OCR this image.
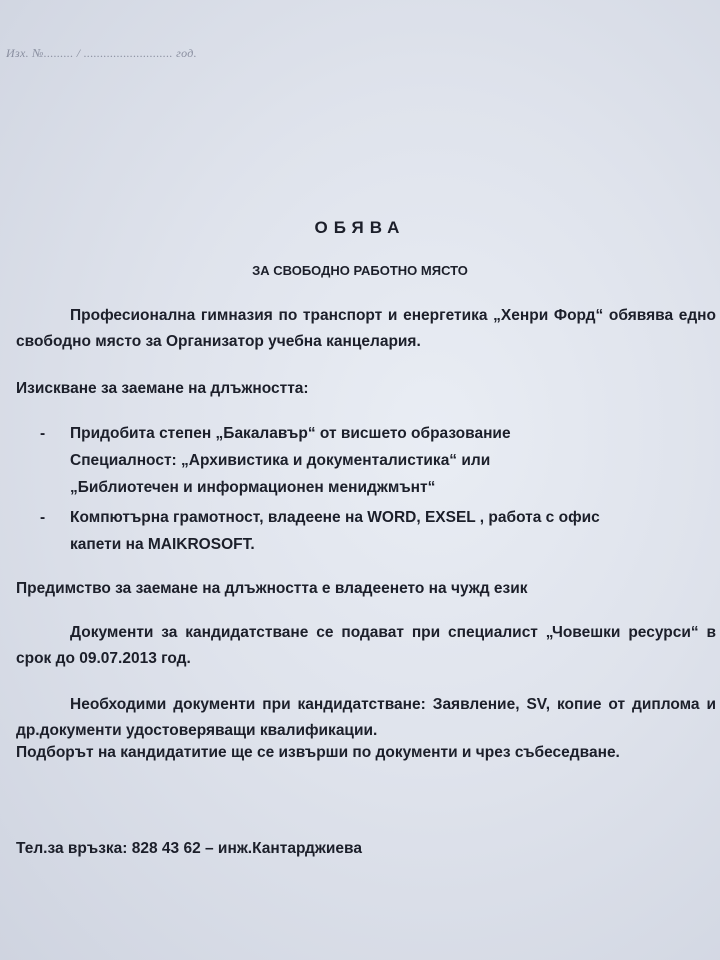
Изх. №......... / ........................... год.
ОБЯВА
ЗА СВОБОДНО РАБОТНО МЯСТО

Професионална гимназия по транспорт и енергетика „Хенри Форд“ обявява едно свободно място за Организатор учебна канцелария.

Изискване за заемане на длъжността:

- Придобита степен „Бакалавър“ от висшето образование
Специалност: „Архивистика и документалистика“ или
„Библиотечен и информационен мениджмънт“
- Компютърна грамотност, владеене на WORD, EXSEL , работа с офис
капети на MAIKROSOFT.

Предимство за заемане на длъжността е владеенето на чужд език

Документи за кандидатстване се подават при специалист „Човешки ресурси“ в срок до 09.07.2013 год.

Необходими документи при кандидатстване: Заявление, SV, копие от диплома и др.документи удостоверяващи квалификации.

Подборът на кандидатитие ще се извърши по документи и чрез събеседване.

Тел.за връзка: 828 43 62 – инж.Кантарджиева
